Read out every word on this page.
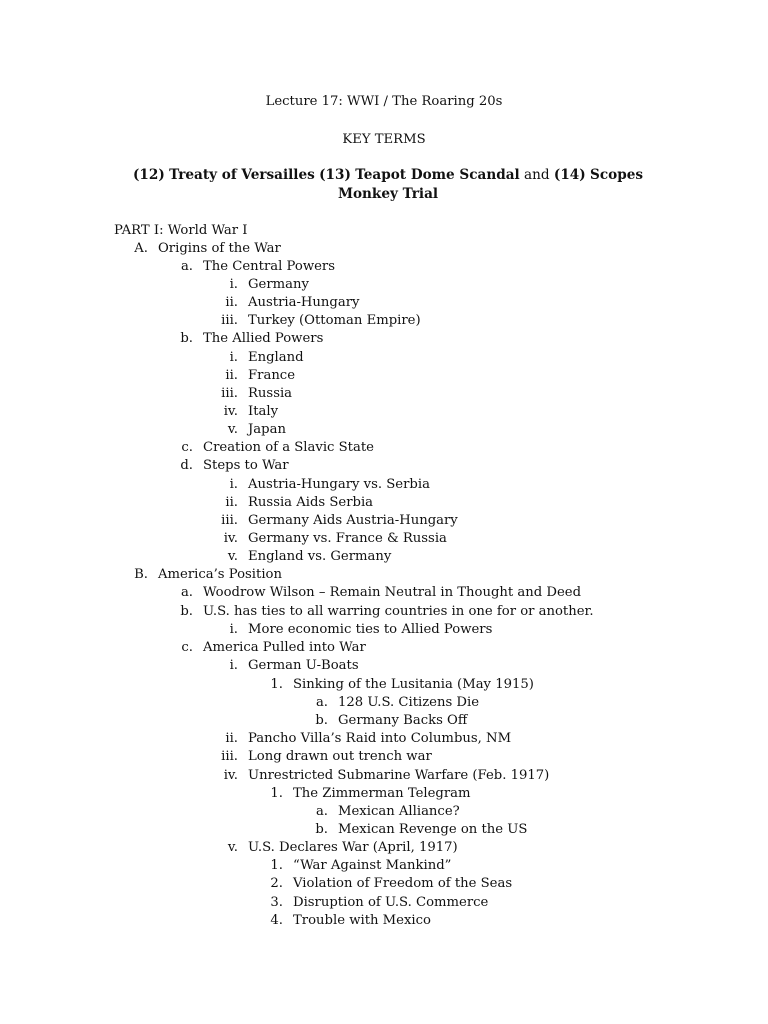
Lecture 17: WWI / The Roaring 20s
KEY TERMS
(12) Treaty of Versailles (13) Teapot Dome Scandal and (14) Scopes Monkey Trial
PART I: World War I
A. Origins of the War
a. The Central Powers
i. Germany
ii. Austria-Hungary
iii. Turkey (Ottoman Empire)
b. The Allied Powers
i. England
ii. France
iii. Russia
iv. Italy
v. Japan
c. Creation of a Slavic State
d. Steps to War
i. Austria-Hungary vs. Serbia
ii. Russia Aids Serbia
iii. Germany Aids Austria-Hungary
iv. Germany vs. France & Russia
v. England vs. Germany
B. America’s Position
a. Woodrow Wilson – Remain Neutral in Thought and Deed
b. U.S. has ties to all warring countries in one for or another.
i. More economic ties to Allied Powers
c. America Pulled into War
i. German U-Boats
1. Sinking of the Lusitania (May 1915)
a. 128 U.S. Citizens Die
b. Germany Backs Off
ii. Pancho Villa’s Raid into Columbus, NM
iii. Long drawn out trench war
iv. Unrestricted Submarine Warfare (Feb. 1917)
1. The Zimmerman Telegram
a. Mexican Alliance?
b. Mexican Revenge on the US
v. U.S. Declares War (April, 1917)
1. “War Against Mankind”
2. Violation of Freedom of the Seas
3. Disruption of U.S. Commerce
4. Trouble with Mexico
